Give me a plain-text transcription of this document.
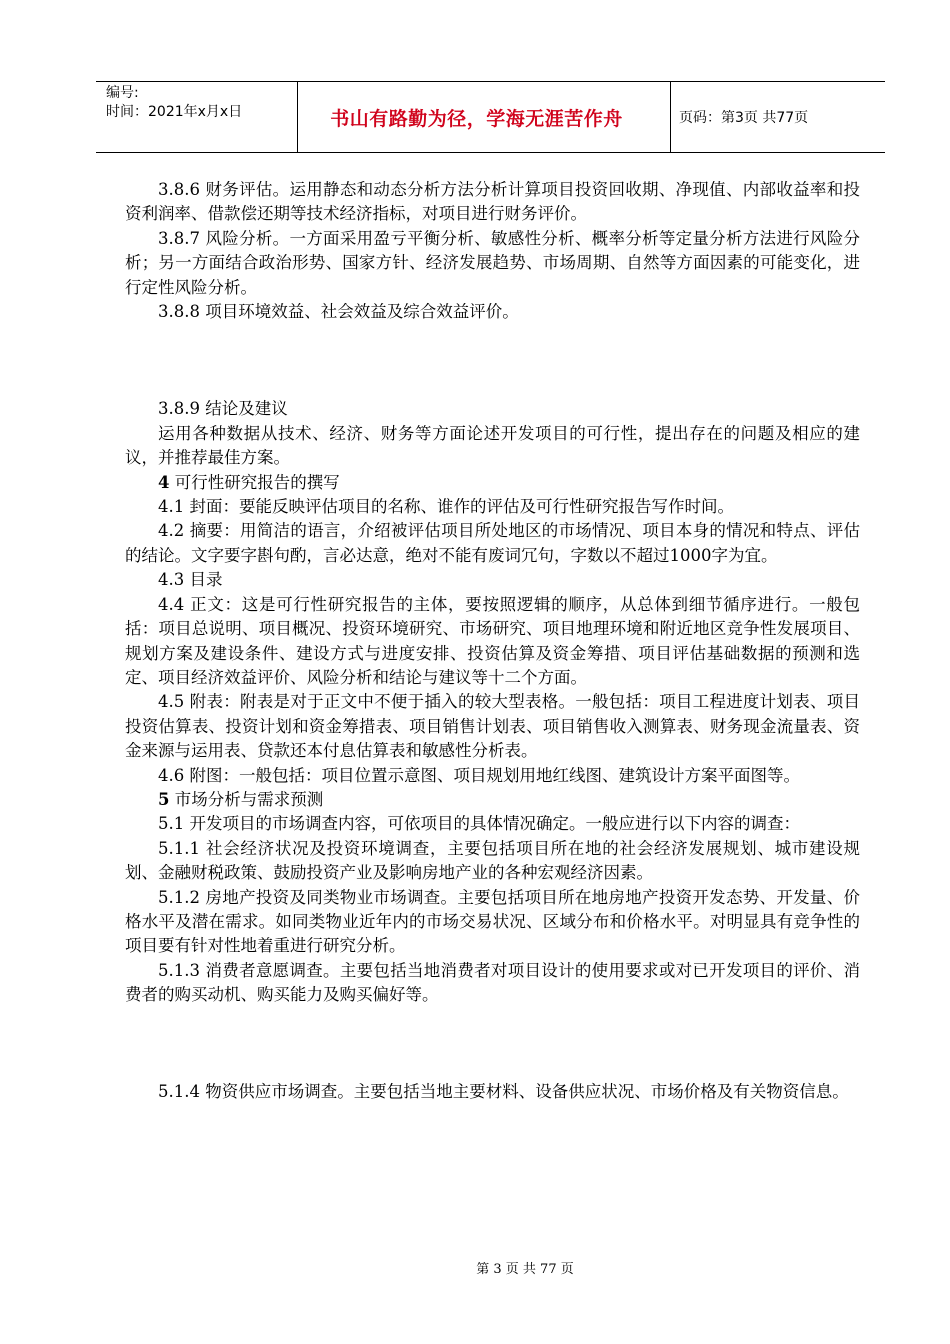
编号:
时间：2021年x月x日	书山有路勤为径，学海无涯苦作舟	页码：第3页 共77页

3.8.6 财务评估。运用静态和动态分析方法分析计算项目投资回收期、净现值、内部收益率和投资利润率、借款偿还期等技术经济指标，对项目进行财务评价。

3.8.7 风险分析。一方面采用盈亏平衡分析、敏感性分析、概率分析等定量分析方法进行风险分析；另一方面结合政治形势、国家方针、经济发展趋势、市场周期、自然等方面因素的可能变化，进行定性风险分析。

3.8.8 项目环境效益、社会效益及综合效益评价。

3.8.9 结论及建议

运用各种数据从技术、经济、财务等方面论述开发项目的可行性，提出存在的问题及相应的建议，并推荐最佳方案。

4 可行性研究报告的撰写

4.1 封面：要能反映评估项目的名称、谁作的评估及可行性研究报告写作时间。

4.2 摘要：用简洁的语言，介绍被评估项目所处地区的市场情况、项目本身的情况和特点、评估的结论。文字要字斟句酌，言必达意，绝对不能有废词冗句，字数以不超过1000字为宜。

4.3 目录

4.4 正文：这是可行性研究报告的主体，要按照逻辑的顺序，从总体到细节循序进行。一般包括：项目总说明、项目概况、投资环境研究、市场研究、项目地理环境和附近地区竞争性发展项目、规划方案及建设条件、建设方式与进度安排、投资估算及资金筹措、项目评估基础数据的预测和选定、项目经济效益评价、风险分析和结论与建议等十二个方面。

4.5 附表：附表是对于正文中不便于插入的较大型表格。一般包括：项目工程进度计划表、项目投资估算表、投资计划和资金筹措表、项目销售计划表、项目销售收入测算表、财务现金流量表、资金来源与运用表、贷款还本付息估算表和敏感性分析表。

4.6 附图：一般包括：项目位置示意图、项目规划用地红线图、建筑设计方案平面图等。

5 市场分析与需求预测

5.1 开发项目的市场调查内容，可依项目的具体情况确定。一般应进行以下内容的调查：

5.1.1 社会经济状况及投资环境调查，主要包括项目所在地的社会经济发展规划、城市建设规划、金融财税政策、鼓励投资产业及影响房地产业的各种宏观经济因素。

5.1.2 房地产投资及同类物业市场调查。主要包括项目所在地房地产投资开发态势、开发量、价格水平及潜在需求。如同类物业近年内的市场交易状况、区域分布和价格水平。对明显具有竞争性的项目要有针对性地着重进行研究分析。

5.1.3 消费者意愿调查。主要包括当地消费者对项目设计的使用要求或对已开发项目的评价、消费者的购买动机、购买能力及购买偏好等。

5.1.4 物资供应市场调查。主要包括当地主要材料、设备供应状况、市场价格及有关物资信息。

第 3 页 共 77 页
